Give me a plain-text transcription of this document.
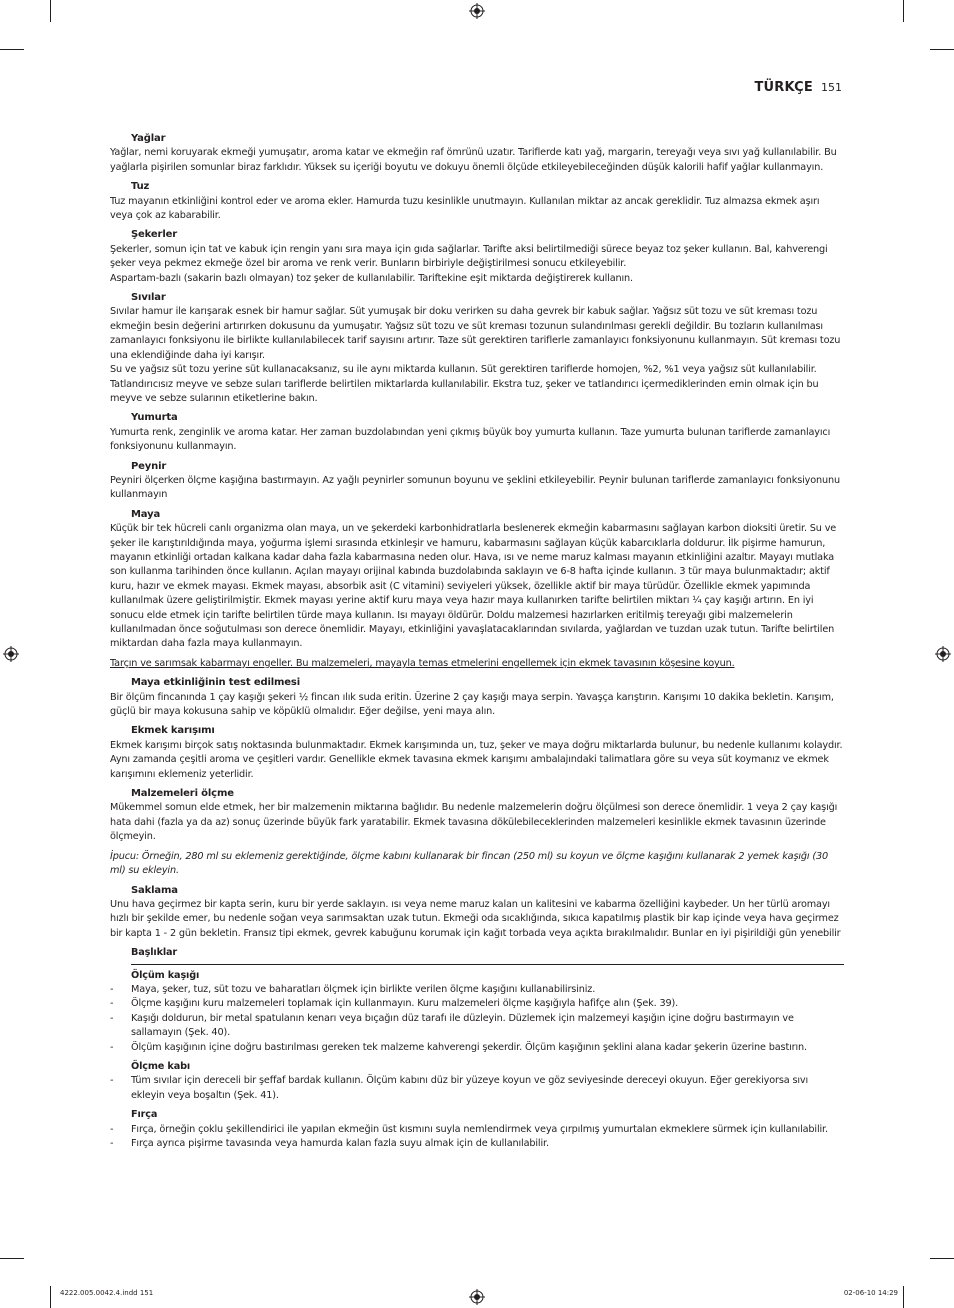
TÜRKÇE 151
Yağlar

Yağlar, nemi koruyarak ekmeği yumuşatır, aroma katar ve ekmeğin raf ömrünü uzatır. Tariflerde katı yağ, margarin, tereyağı veya sıvı yağ kullanılabilir. Bu yağlarla pişirilen somunlar biraz farklıdır. Yüksek su içeriği boyutu ve dokuyu önemli ölçüde etkileyebileceğinden düşük kalorili hafif yağlar kullanmayın.

Tuz

Tuz mayanın etkinliğini kontrol eder ve aroma ekler. Hamurda tuzu kesinlikle unutmayın. Kullanılan miktar az ancak gereklidir. Tuz almazsa ekmek aşırı veya çok az kabarabilir.

Şekerler

Şekerler, somun için tat ve kabuk için rengin yanı sıra maya için gıda sağlarlar. Tarifte aksi belirtilmediği sürece beyaz toz şeker kullanın. Bal, kahverengi şeker veya pekmez ekmeğe özel bir aroma ve renk verir. Bunların birbiriyle değiştirilmesi sonucu etkileyebilir.

Aspartam-bazlı (sakarin bazlı olmayan) toz şeker de kullanılabilir. Tariftekine eşit miktarda değiştirerek kullanın.

Sıvılar

Sıvılar hamur ile karışarak esnek bir hamur sağlar. Süt yumuşak bir doku verirken su daha gevrek bir kabuk sağlar. Yağsız süt tozu ve süt kreması tozu ekmeğin besin değerini artırırken dokusunu da yumuşatır. Yağsız süt tozu ve süt kreması tozunun sulandırılması gerekli değildir. Bu tozların kullanılması zamanlayıcı fonksiyonu ile birlikte kullanılabilecek tarif sayısını artırır. Taze süt gerektiren tariflerle zamanlayıcı fonksiyonunu kullanmayın. Süt kreması tozu una eklendiğinde daha iyi karışır.

Su ve yağsız süt tozu yerine süt kullanacaksanız, su ile aynı miktarda kullanın. Süt gerektiren tariflerde homojen, %2, %1 veya yağsız süt kullanılabilir. Tatlandırıcısız meyve ve sebze suları tariflerde belirtilen miktarlarda kullanılabilir. Ekstra tuz, şeker ve tatlandırıcı içermediklerinden emin olmak için bu meyve ve sebze sularının etiketlerine bakın.

Yumurta

Yumurta renk, zenginlik ve aroma katar. Her zaman buzdolabından yeni çıkmış büyük boy yumurta kullanın. Taze yumurta bulunan tariflerde zamanlayıcı fonksiyonunu kullanmayın.

Peynir

Peyniri ölçerken ölçme kaşığına bastırmayın. Az yağlı peynirler somunun boyunu ve şeklini etkileyebilir. Peynir bulunan tariflerde zamanlayıcı fonksiyonunu kullanmayın

Maya

Küçük bir tek hücreli canlı organizma olan maya, un ve şekerdeki karbonhidratlarla beslenerek ekmeğin kabarmasını sağlayan karbon dioksiti üretir. Su ve şeker ile karıştırıldığında maya, yoğurma işlemi sırasında etkinleşir ve hamuru, kabarmasını sağlayan küçük kabarcıklarla doldurur. İlk pişirme hamurun, mayanın etkinliği ortadan kalkana kadar daha fazla kabarmasına neden olur. Hava, ısı ve neme maruz kalması mayanın etkinliğini azaltır. Mayayı mutlaka son kullanma tarihinden önce kullanın. Açılan mayayı orijinal kabında buzdolabında saklayın ve 6-8 hafta içinde kullanın. 3 tür maya bulunmaktadır; aktif kuru, hazır ve ekmek mayası. Ekmek mayası, absorbik asit (C vitamini) seviyeleri yüksek, özellikle aktif bir maya türüdür. Özellikle ekmek yapımında kullanılmak üzere geliştirilmiştir. Ekmek mayası yerine aktif kuru maya veya hazır maya kullanırken tarifte belirtilen miktarı ¼ çay kaşığı artırın. En iyi sonucu elde etmek için tarifte belirtilen türde maya kullanın. Isı mayayı öldürür. Doldu malzemesi hazırlarken eritilmiş tereyağı gibi malzemelerin kullanılmadan önce soğutulması son derece önemlidir. Mayayı, etkinliğini yavaşlatacaklarından sıvılarda, yağlardan ve tuzdan uzak tutun. Tarifte belirtilen miktardan daha fazla maya kullanmayın.

Tarçın ve sarımsak kabarmayı engeller. Bu malzemeleri, mayayla temas etmelerini engellemek için ekmek tavasının köşesine koyun.
Maya etkinliğinin test edilmesi

Bir ölçüm fincanında 1 çay kaşığı şekeri ½ fincan ılık suda eritin. Üzerine 2 çay kaşığı maya serpin. Yavaşça karıştırın. Karışımı 10 dakika bekletin. Karışım, güçlü bir maya kokusuna sahip ve köpüklü olmalıdır. Eğer değilse, yeni maya alın.

Ekmek karışımı

Ekmek karışımı birçok satış noktasında bulunmaktadır. Ekmek karışımında un, tuz, şeker ve maya doğru miktarlarda bulunur, bu nedenle kullanımı kolaydır. Aynı zamanda çeşitli aroma ve çeşitleri vardır. Genellikle ekmek tavasına ekmek karışımı ambalajındaki talimatlara göre su veya süt koymanız ve ekmek karışımını eklemeniz yeterlidir.

Malzemeleri ölçme

Mükemmel somun elde etmek, her bir malzemenin miktarına bağlıdır. Bu nedenle malzemelerin doğru ölçülmesi son derece önemlidir. 1 veya 2 çay kaşığı hata dahi (fazla ya da az) sonuç üzerinde büyük fark yaratabilir. Ekmek tavasına dökülebileceklerinden malzemeleri kesinlikle ekmek tavasının üzerinde ölçmeyin.

İpucu: Örneğin, 280 ml su eklemeniz gerektiğinde, ölçme kabını kullanarak bir fincan (250 ml) su koyun ve ölçme kaşığını kullanarak 2 yemek kaşığı (30 ml) su ekleyin.
Saklama

Unu hava geçirmez bir kapta serin, kuru bir yerde saklayın. ısı veya neme maruz kalan un kalitesini ve kabarma özelliğini kaybeder. Un her türlü aromayı hızlı bir şekilde emer, bu nedenle soğan veya sarımsaktan uzak tutun. Ekmeği oda sıcaklığında, sıkıca kapatılmış plastik bir kap içinde veya hava geçirmez bir kapta 1 - 2 gün bekletin. Fransız tipi ekmek, gevrek kabuğunu korumak için kağıt torbada veya açıkta bırakılmalıdır. Bunlar en iyi pişirildiği gün yenebilir

Başlıklar
Ölçüm kaşığı
- Maya, şeker, tuz, süt tozu ve baharatları ölçmek için birlikte verilen ölçme kaşığını kullanabilirsiniz.
- Ölçme kaşığını kuru malzemeleri toplamak için kullanmayın. Kuru malzemeleri ölçme kaşığıyla hafifçe alın (Şek. 39).
- Kaşığı doldurun, bir metal spatulanın kenarı veya bıçağın düz tarafı ile düzleyin. Düzlemek için malzemeyi kaşığın içine doğru bastırmayın ve sallamayın (Şek. 40).
- Ölçüm kaşığının içine doğru bastırılması gereken tek malzeme kahverengi şekerdir. Ölçüm kaşığının şeklini alana kadar şekerin üzerine bastırın.
Ölçme kabı
- Tüm sıvılar için dereceli bir şeffaf bardak kullanın. Ölçüm kabını düz bir yüzeye koyun ve göz seviyesinde dereceyi okuyun. Eğer gerekiyorsa sıvı ekleyin veya boşaltın (Şek. 41).
Fırça
- Fırça, örneğin çoklu şekillendirici ile yapılan ekmeğin üst kısmını suyla nemlendirmek veya çırpılmış yumurtalan ekmeklere sürmek için kullanılabilir.
- Fırça ayrıca pişirme tavasında veya hamurda kalan fazla suyu almak için de kullanılabilir.
4222.005.0042.4.indd 151	02-06-10 14:29
